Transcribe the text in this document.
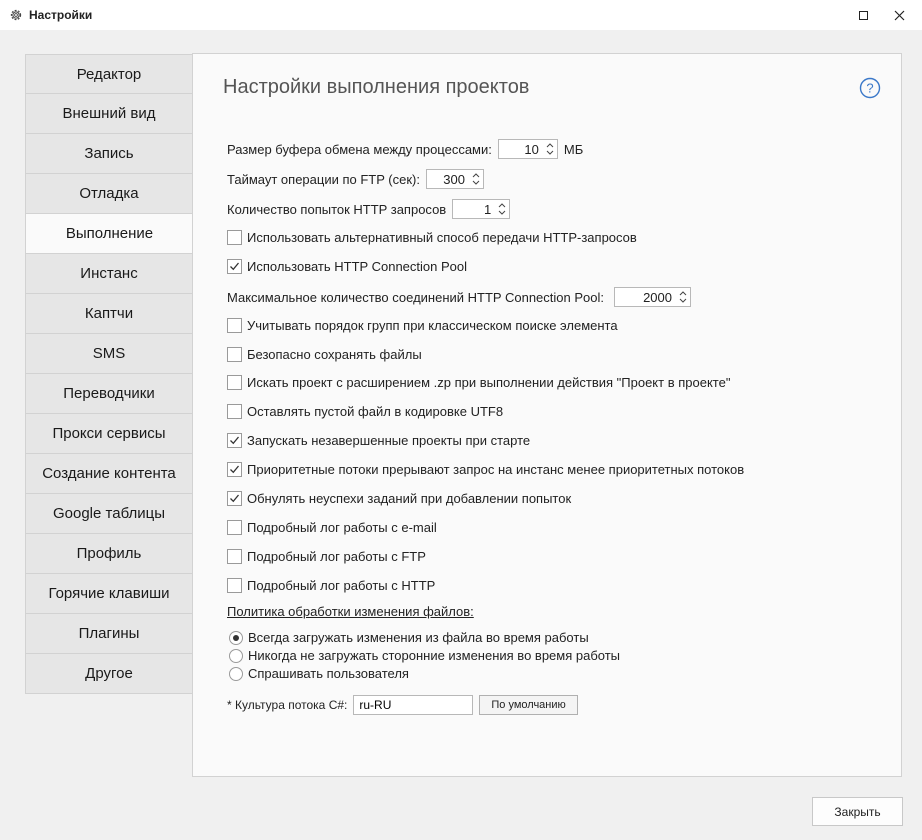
Настройки
Редактор
Внешний вид
Запись
Отладка
Выполнение
Инстанс
Каптчи
SMS
Переводчики
Прокси сервисы
Создание контента
Google таблицы
Профиль
Горячие клавиши
Плагины
Другое
Настройки выполнения проектов	?
Размер буфера обмена между процессами:	10	МБ
Таймаут операции по FTP (сек):	300
Количество попыток HTTP запросов	1
Использовать альтернативный способ передачи HTTP-запросов
Использовать HTTP Connection Pool
Максимальное количество соединений HTTP Connection Pool:	2000
Учитывать порядок групп при классическом поиске элемента
Безопасно сохранять файлы
Искать проект с расширением .zp при выполнении действия "Проект в проекте"
Оставлять пустой файл в кодировке UTF8
Запускать незавершенные проекты при старте
Приоритетные потоки прерывают запрос на инстанс менее приоритетных потоков
Обнулять неуспехи заданий при добавлении попыток
Подробный лог работы с e-mail
Подробный лог работы с FTP
Подробный лог работы с HTTP
Политика обработки изменения файлов:
Всегда загружать изменения из файла во время работы
Никогда не загружать сторонние изменения во время работы
Спрашивать пользователя
* Культура потока C#:
ru-RU	По умолчанию
Закрыть
